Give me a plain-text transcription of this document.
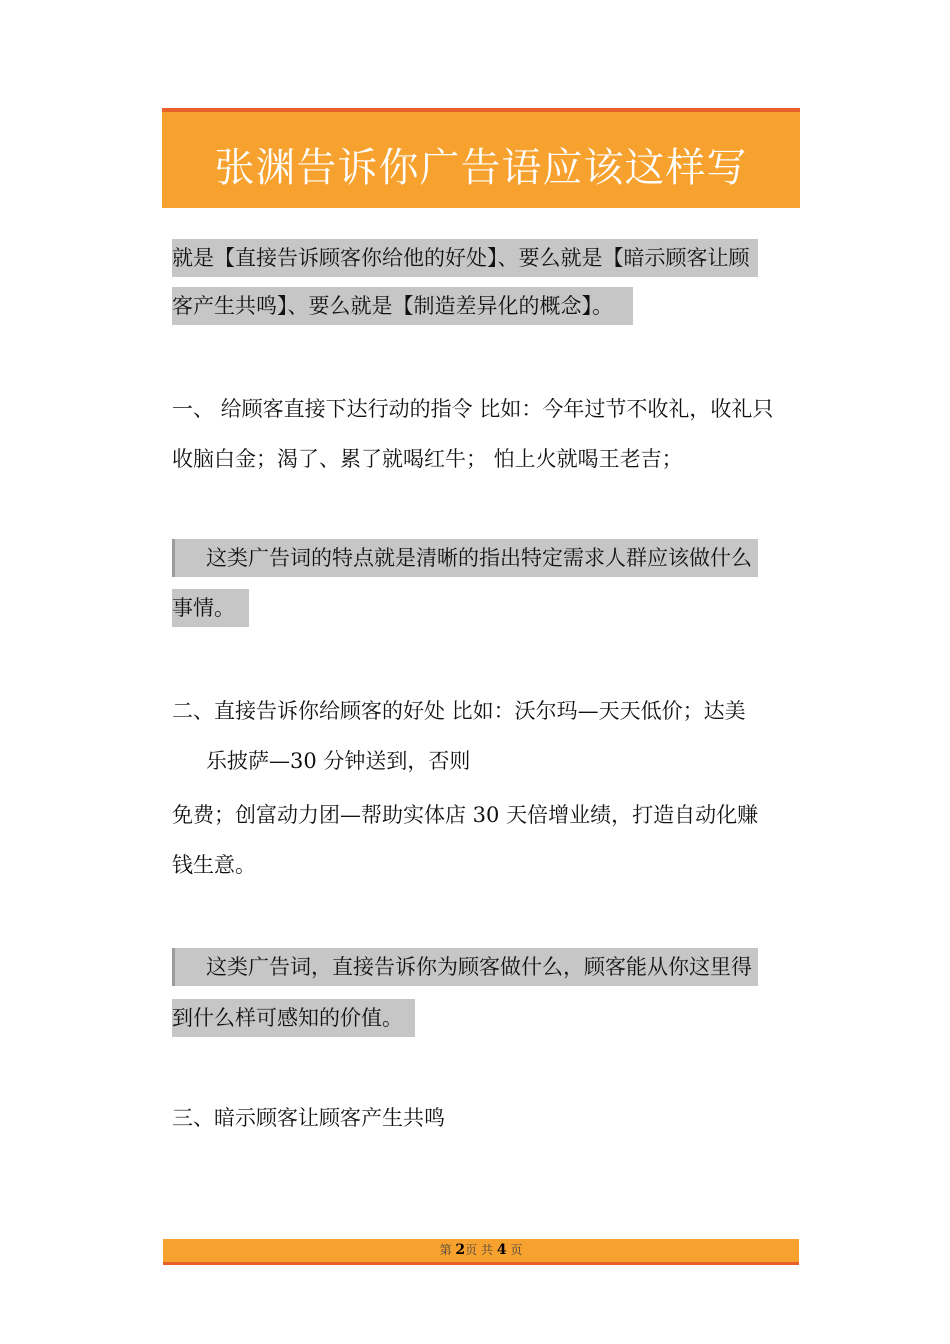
张渊告诉你广告语应该这样写
就是【直接告诉顾客你给他的好处】、要么就是【暗示顾客让顾
客产生共鸣】、要么就是【制造差异化的概念】。
一、 给顾客直接下达行动的指令 比如：今年过节不收礼，收礼只
收脑白金；渴了、累了就喝红牛； 怕上火就喝王老吉；
这类广告词的特点就是清晰的指出特定需求人群应该做什么
事情。
二、直接告诉你给顾客的好处 比如：沃尔玛—天天低价；达美
乐披萨—30 分钟送到，否则
免费；创富动力团—帮助实体店 30 天倍增业绩，打造自动化赚
钱生意。
这类广告词，直接告诉你为顾客做什么，顾客能从你这里得
到什么样可感知的价值。
三、暗示顾客让顾客产生共鸣
第 2页 共 4 页
